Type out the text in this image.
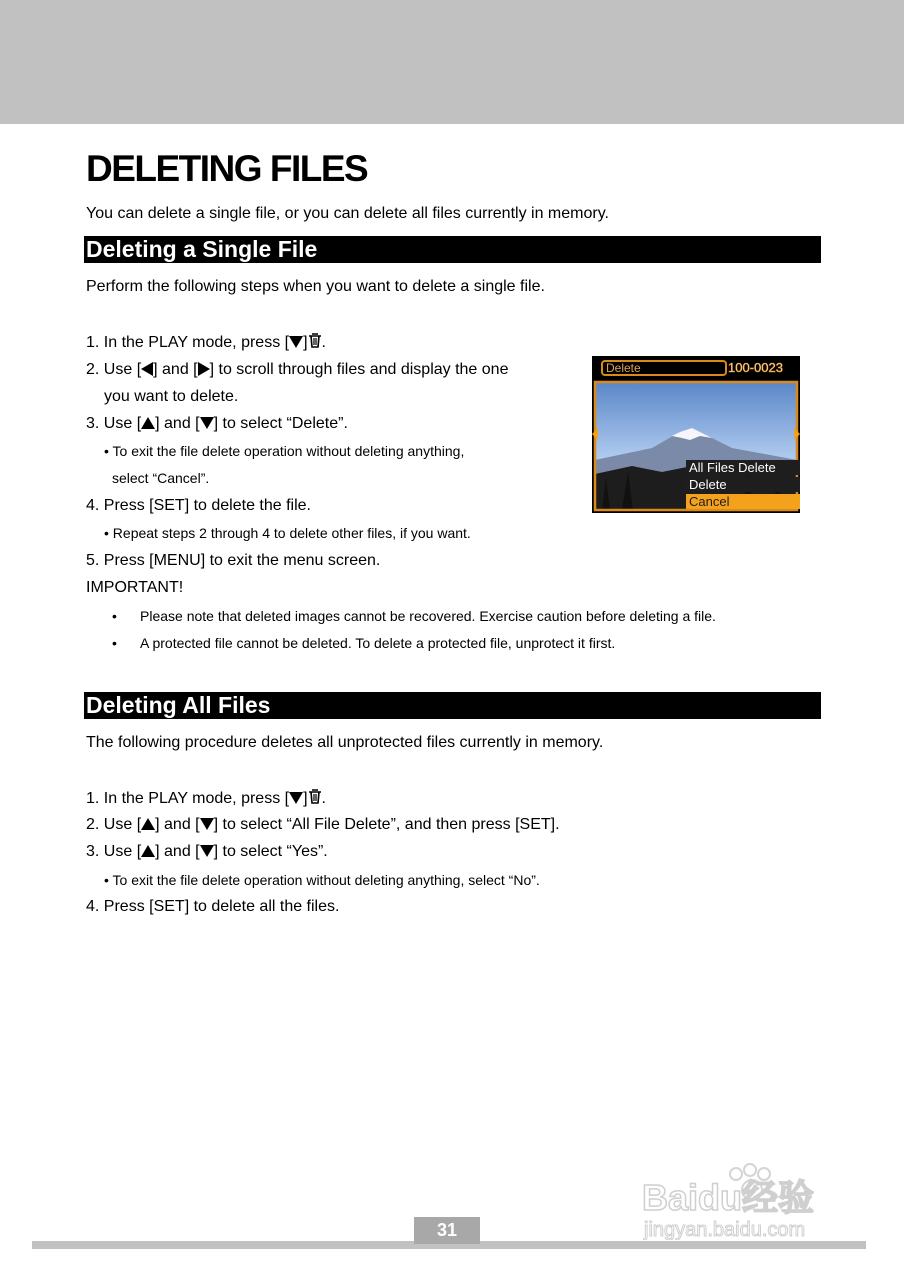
DELETING FILES
You can delete a single file, or you can delete all files currently in memory.
Deleting a Single File
Perform the following steps when you want to delete a single file.
1. In the PLAY mode, press [ ] .
2. Use [ ] and [ ] to scroll through files and display the one
you want to delete.
3. Use [ ] and [ ] to select “Delete”.
• To exit the file delete operation without deleting anything,
select “Cancel”.
4. Press [SET] to delete the file.
• Repeat steps 2 through 4 to delete other files, if you want.
5. Press [MENU] to exit the menu screen.
IMPORTANT!
• Please note that deleted images cannot be recovered. Exercise caution before deleting a file.
• A protected file cannot be deleted. To delete a protected file, unprotect it first.
Delete	100-0023
All Files Delete
Delete
Cancel
Deleting All Files
The following procedure deletes all unprotected files currently in memory.
1. In the PLAY mode, press [ ] .
2. Use [ ] and [ ] to select “All File Delete”, and then press [SET].
3. Use [ ] and [ ] to select “Yes”.
• To exit the file delete operation without deleting anything, select “No”.
4. Press [SET] to delete all the files.
Baidu经验
jingyan.baidu.com
31
